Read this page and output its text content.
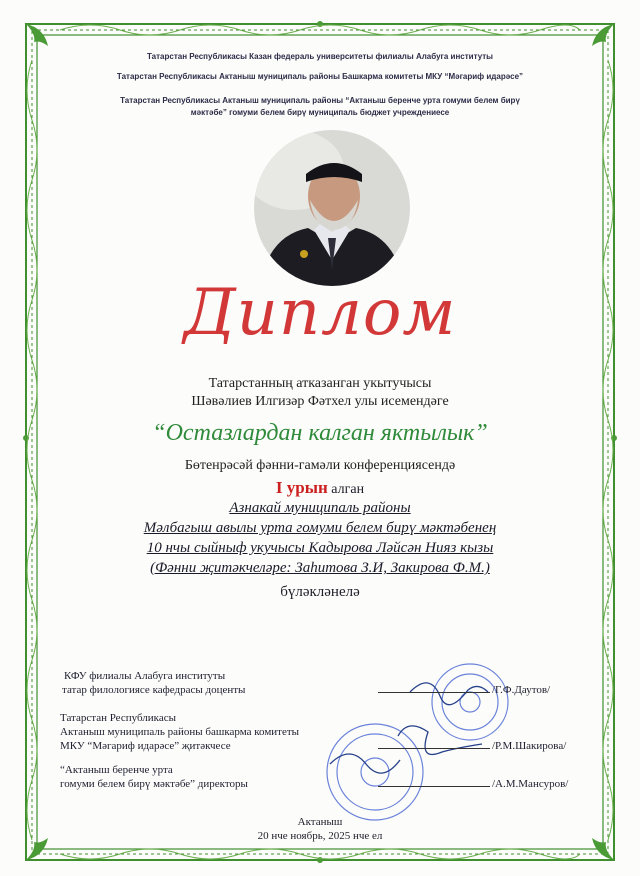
Татарстан Республикасы Казан федераль университеты филиалы Алабуга институты
Татарстан Республикасы Актаныш муниципаль районы Башкарма комитеты МКУ “Мәгариф идарәсе”
Татарстан Республикасы Актаныш муниципаль районы “Актаныш беренче урта гомуми белем бирү
мәктәбе” гомуми белем бирү муниципаль бюджет учреждениесе
Диплом
Татарстанның атказанган укытучысы
Шәвәлиев Илгизәр Фәтхел улы исемендәге
“Остазлардан калган яктылык”
Бөтенрәсәй фәнни-гамәли конференциясендә
I урын алган
Азнакай муниципаль районы
Мәлбагыш авылы урта гомуми белем бирү мәктәбенең
10 нчы сыйныф укучысы Кадырова Ләйсән Нияз кызы
(Фәнни җитәкчеләре: Заһитова З.И, Закирова Ф.М.)
бүләкләнелә
КФУ филиалы Алабуга институты
татар филологиясе кафедрасы доценты	/Г.Ф.Даутов/
Татарстан Республикасы
Актаныш муниципаль районы башкарма комитеты
МКУ “Мәгариф идарәсе” җитәкчесе	/Р.М.Шакирова/
“Актаныш беренче урта
гомуми белем бирү мәктәбе” директоры	/А.М.Мансуров/
Актаныш
20 нче ноябрь, 2025 нче ел
